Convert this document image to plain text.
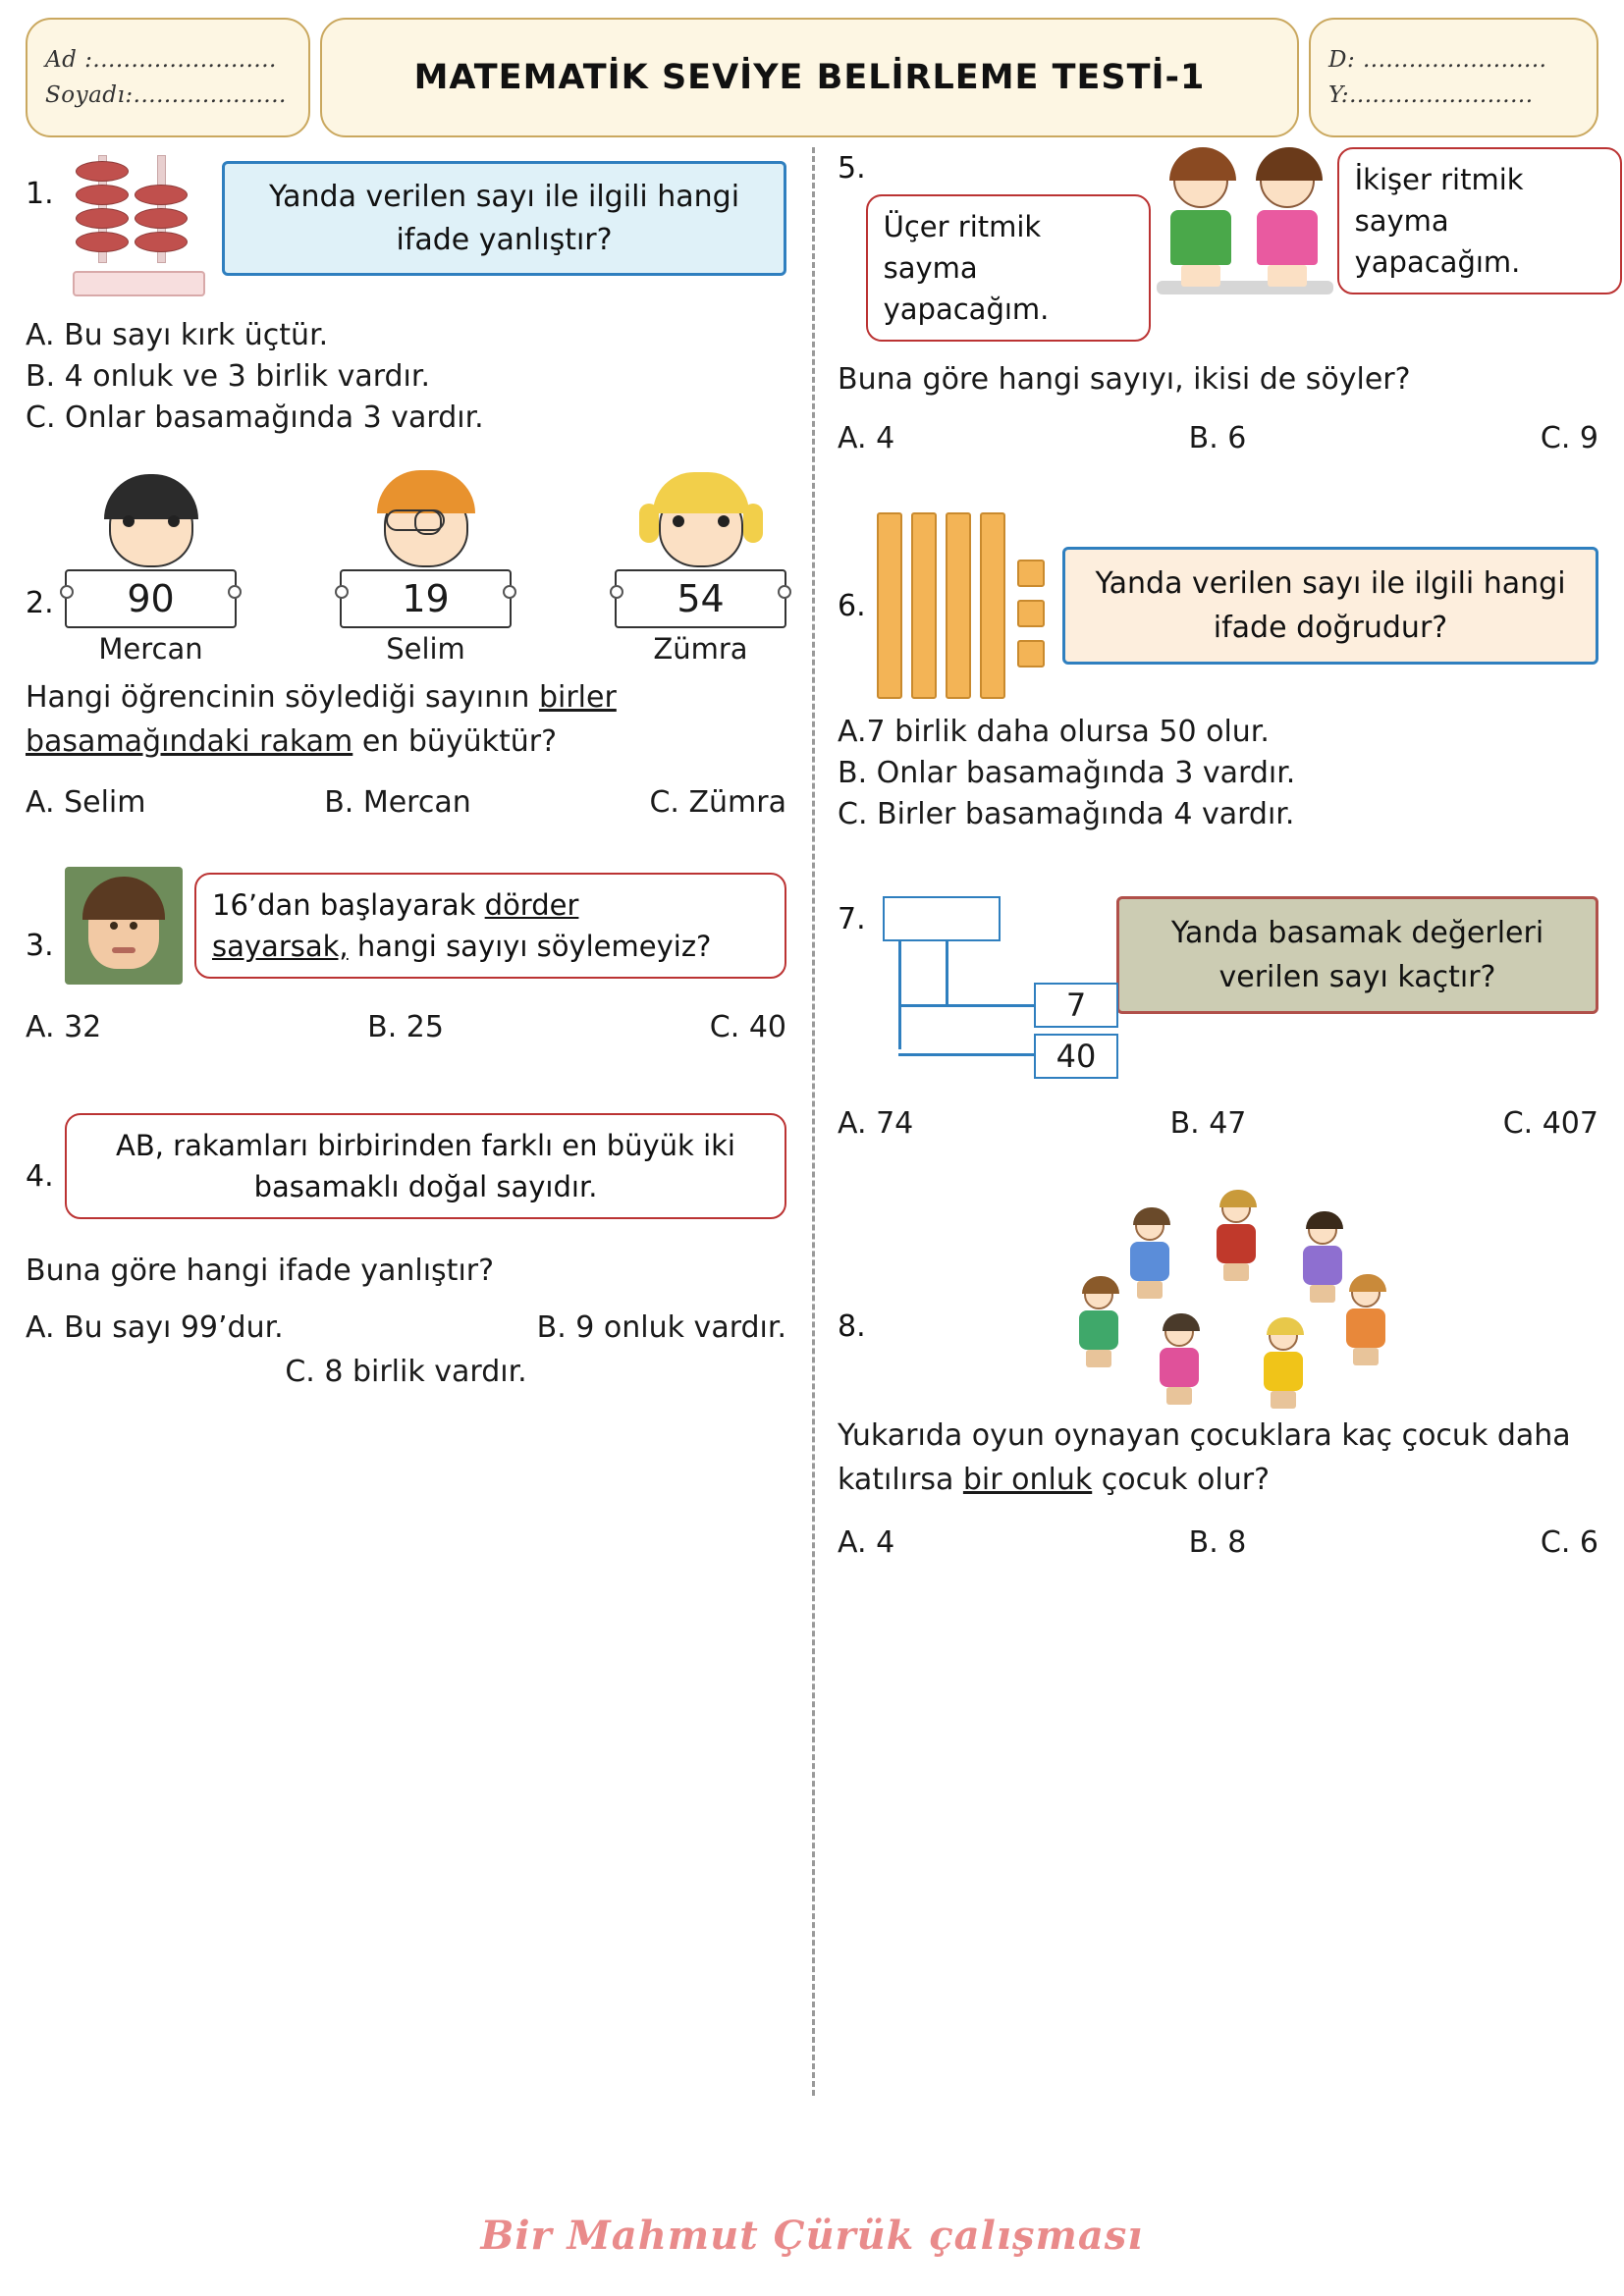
Ad :........................
Soyadı:....................	MATEMATİK SEVİYE BELİRLEME TESTİ-1	D: ........................
Y:........................
1.	Yanda verilen sayı ile ilgili hangi ifade yanlıştır?
A. Bu sayı kırk üçtür.
B. 4 onluk ve 3 birlik vardır.
C. Onlar basamağında 3 vardır.
2.	90
Mercan
19
Selim
54
Zümra
Hangi öğrencinin söylediği sayının birler
basamağındaki rakam en büyüktür?
A. Selim	B. Mercan	C. Zümra
3.
16’dan başlayarak dörder
sayarsak, hangi sayıyı söylemeyiz?
A. 32	B. 25	C. 40
4.
AB, rakamları birbirinden farklı en büyük iki basamaklı doğal sayıdır.
Buna göre hangi ifade yanlıştır?
A. Bu sayı 99’dur.	B. 9 onluk vardır.
C. 8 birlik vardır.
5.
Üçer ritmik sayma yapacağım.
İkişer ritmik sayma yapacağım.
Buna göre hangi sayıyı, ikisi de söyler?
A. 4	B. 6	C. 9
6.
Yanda verilen sayı ile ilgili hangi ifade doğrudur?
A.7 birlik daha olursa 50 olur.
B. Onlar basamağında 3 vardır.
C. Birler basamağında 4 vardır.
7.
7
40
Yanda basamak değerleri verilen sayı kaçtır?
A. 74	B. 47	C. 407
8.
Yukarıda oyun oynayan çocuklara kaç çocuk daha katılırsa bir onluk çocuk olur?
A. 4	B. 8	C. 6
Bir Mahmut Çürük çalışması
